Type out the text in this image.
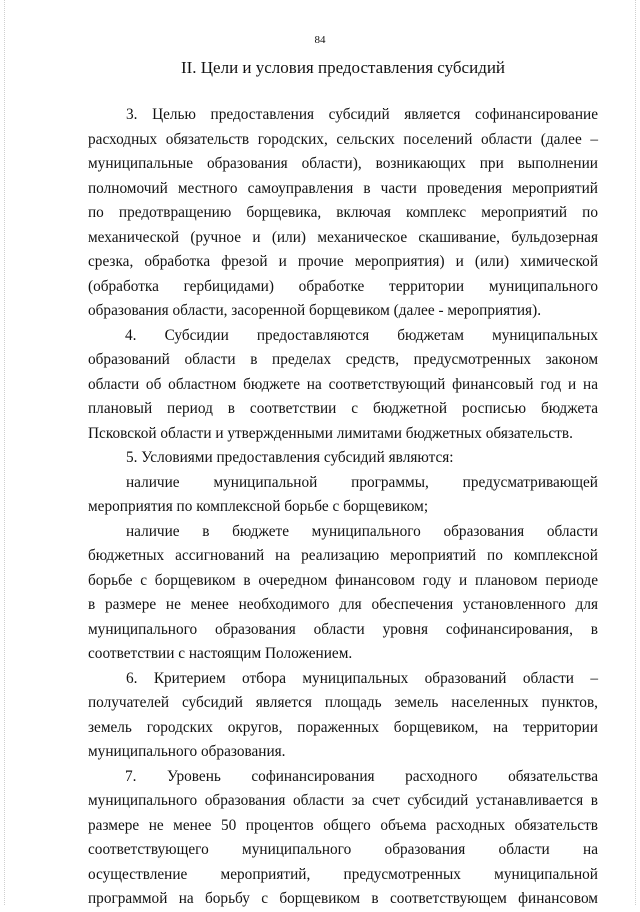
84
II. Цели и условия предоставления субсидий
3. Целью предоставления субсидий является софинансирование
расходных обязательств городских, сельских поселений области (далее –
муниципальные образования области), возникающих при выполнении
полномочий местного самоуправления в части проведения мероприятий
по предотвращению борщевика, включая комплекс мероприятий по
механической (ручное и (или) механическое скашивание, бульдозерная
срезка, обработка фрезой и прочие мероприятия) и (или) химической
(обработка гербицидами) обработке территории муниципального
образования области, засоренной борщевиком (далее - мероприятия).
4. Субсидии предоставляются бюджетам муниципальных
образований области в пределах средств, предусмотренных законом
области об областном бюджете на соответствующий финансовый год и на
плановый период в соответствии с бюджетной росписью бюджета
Псковской области и утвержденными лимитами бюджетных обязательств.
5. Условиями предоставления субсидий являются:
наличие муниципальной программы, предусматривающей
мероприятия по комплексной борьбе с борщевиком;
наличие в бюджете муниципального образования области
бюджетных ассигнований на реализацию мероприятий по комплексной
борьбе с борщевиком в очередном финансовом году и плановом периоде
в размере не менее необходимого для обеспечения установленного для
муниципального образования области уровня софинансирования, в
соответствии с настоящим Положением.
6. Критерием отбора муниципальных образований области –
получателей субсидий является площадь земель населенных пунктов,
земель городских округов, пораженных борщевиком, на территории
муниципального образования.
7. Уровень софинансирования расходного обязательства
муниципального образования области за счет субсидий устанавливается в
размере не менее 50 процентов общего объема расходных обязательств
соответствующего муниципального образования области на
осуществление мероприятий, предусмотренных муниципальной
программой на борьбу с борщевиком в соответствующем финансовом
